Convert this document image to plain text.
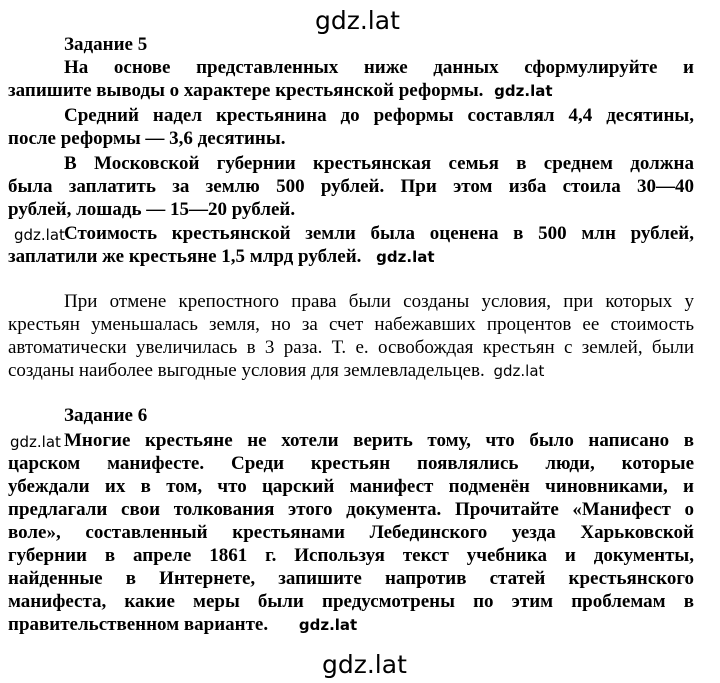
gdz.lat
Задание 5
На основе представленных ниже данных сформулируйте и
запишите выводы о характере крестьянской реформы. gdz.lat
Средний надел крестьянина до реформы составлял 4,4 десятины,
после реформы — 3,6 десятины.
В Московской губернии крестьянская семья в среднем должна
была заплатить за землю 500 рублей. При этом изба стоила 30—40
рублей, лошадь — 15—20 рублей.
gdz.lat Стоимость крестьянской земли была оценена в 500 млн рублей,
заплатили же крестьяне 1,5 млрд рублей. gdz.lat
При отмене крепостного права были созданы условия, при которых у
крестьян уменьшалась земля, но за счет набежавших процентов ее стоимость
автоматически увеличилась в 3 раза. Т. е. освобождая крестьян с землей, были
созданы наиболее выгодные условия для землевладельцев. gdz.lat
Задание 6
gdz.lat Многие крестьяне не хотели верить тому, что было написано в
царском манифесте. Среди крестьян появлялись люди, которые
убеждали их в том, что царский манифест подменён чиновниками, и
предлагали свои толкования этого документа. Прочитайте «Манифест о
воле», составленный крестьянами Лебединского уезда Харьковской
губернии в апреле 1861 г. Используя текст учебника и документы,
найденные в Интернете, запишите напротив статей крестьянского
манифеста, какие меры были предусмотрены по этим проблемам в
правительственном варианте. gdz.lat
gdz.lat
